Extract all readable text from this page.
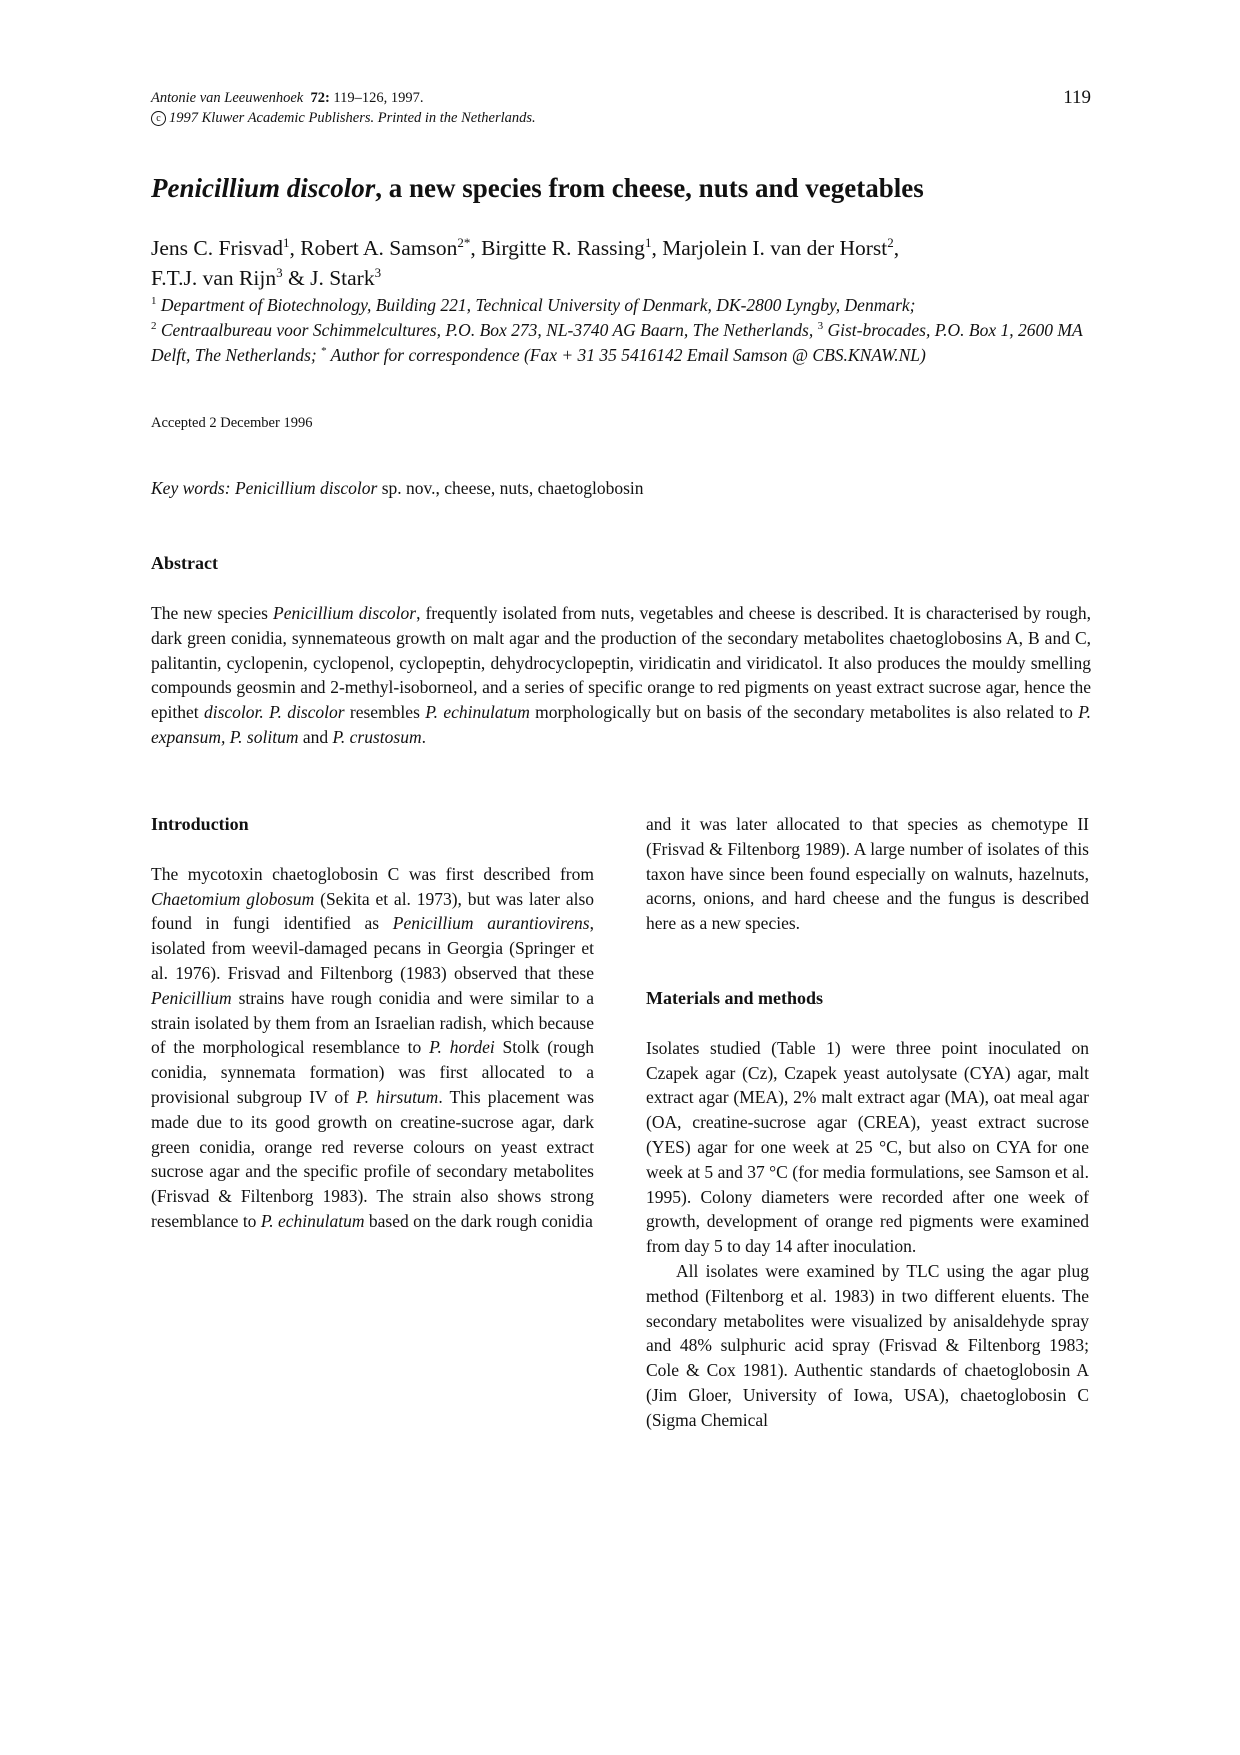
Antonie van Leeuwenhoek 72: 119–126, 1997.
c 1997 Kluwer Academic Publishers. Printed in the Netherlands.
119
Penicillium discolor, a new species from cheese, nuts and vegetables
Jens C. Frisvad$^1$, Robert A. Samson$^{2*}$, Birgitte R. Rassing$^1$, Marjolein I. van der Horst$^2$,
F.T.J. van Rijn$^3$ & J. Stark$^3$
$^1$ Department of Biotechnology, Building 221, Technical University of Denmark, DK-2800 Lyngby, Denmark;
$^2$ Centraalbureau voor Schimmelcultures, P.O. Box 273, NL-3740 AG Baarn, The Netherlands, $^3$ Gist-brocades, P.O. Box 1, 2600 MA Delft, The Netherlands; * Author for correspondence (Fax + 31 35 5416142 Email Samson @ CBS.KNAW.NL)
Accepted 2 December 1996
Key words: Penicillium discolor sp. nov., cheese, nuts, chaetoglobosin
Abstract

The new species Penicillium discolor, frequently isolated from nuts, vegetables and cheese is described. It is characterised by rough, dark green conidia, synnemateous growth on malt agar and the production of the secondary metabolites chaetoglobosins A, B and C, palitantin, cyclopenin, cyclopenol, cyclopeptin, dehydrocyclopeptin, viridicatin and viridicatol. It also produces the mouldy smelling compounds geosmin and 2-methyl-isoborneol, and a series of specific orange to red pigments on yeast extract sucrose agar, hence the epithet discolor. P. discolor resembles P. echinulatum morphologically but on basis of the secondary metabolites is also related to P. expansum, P. solitum and P. crustosum.

Introduction

The mycotoxin chaetoglobosin C was first described from Chaetomium globosum (Sekita et al. 1973), but was later also found in fungi identified as Penicillium aurantiovirens, isolated from weevil-damaged pecans in Georgia (Springer et al. 1976). Frisvad and Filtenborg (1983) observed that these Penicillium strains have rough conidia and were similar to a strain isolated by them from an Israelian radish, which because of the morphological resemblance to P. hordei Stolk (rough conidia, synnemata formation) was first allocated to a provisional subgroup IV of P. hirsutum. This placement was made due to its good growth on creatine-sucrose agar, dark green conidia, orange red reverse colours on yeast extract sucrose agar and the specific profile of secondary metabolites (Frisvad & Filtenborg 1983). The strain also shows strong resemblance to P. echinulatum based on the dark rough conidia

and it was later allocated to that species as chemotype II (Frisvad & Filtenborg 1989). A large number of isolates of this taxon have since been found especially on walnuts, hazelnuts, acorns, onions, and hard cheese and the fungus is described here as a new species.

Materials and methods

Isolates studied (Table 1) were three point inoculated on Czapek agar (Cz), Czapek yeast autolysate (CYA) agar, malt extract agar (MEA), 2% malt extract agar (MA), oat meal agar (OA, creatine-sucrose agar (CREA), yeast extract sucrose (YES) agar for one week at 25 °C, but also on CYA for one week at 5 and 37 °C (for media formulations, see Samson et al. 1995). Colony diameters were recorded after one week of growth, development of orange red pigments were examined from day 5 to day 14 after inoculation.

All isolates were examined by TLC using the agar plug method (Filtenborg et al. 1983) in two different eluents. The secondary metabolites were visualized by anisaldehyde spray and 48% sulphuric acid spray (Frisvad & Filtenborg 1983; Cole & Cox 1981). Authentic standards of chaetoglobosin A (Jim Gloer, University of Iowa, USA), chaetoglobosin C (Sigma Chemical
